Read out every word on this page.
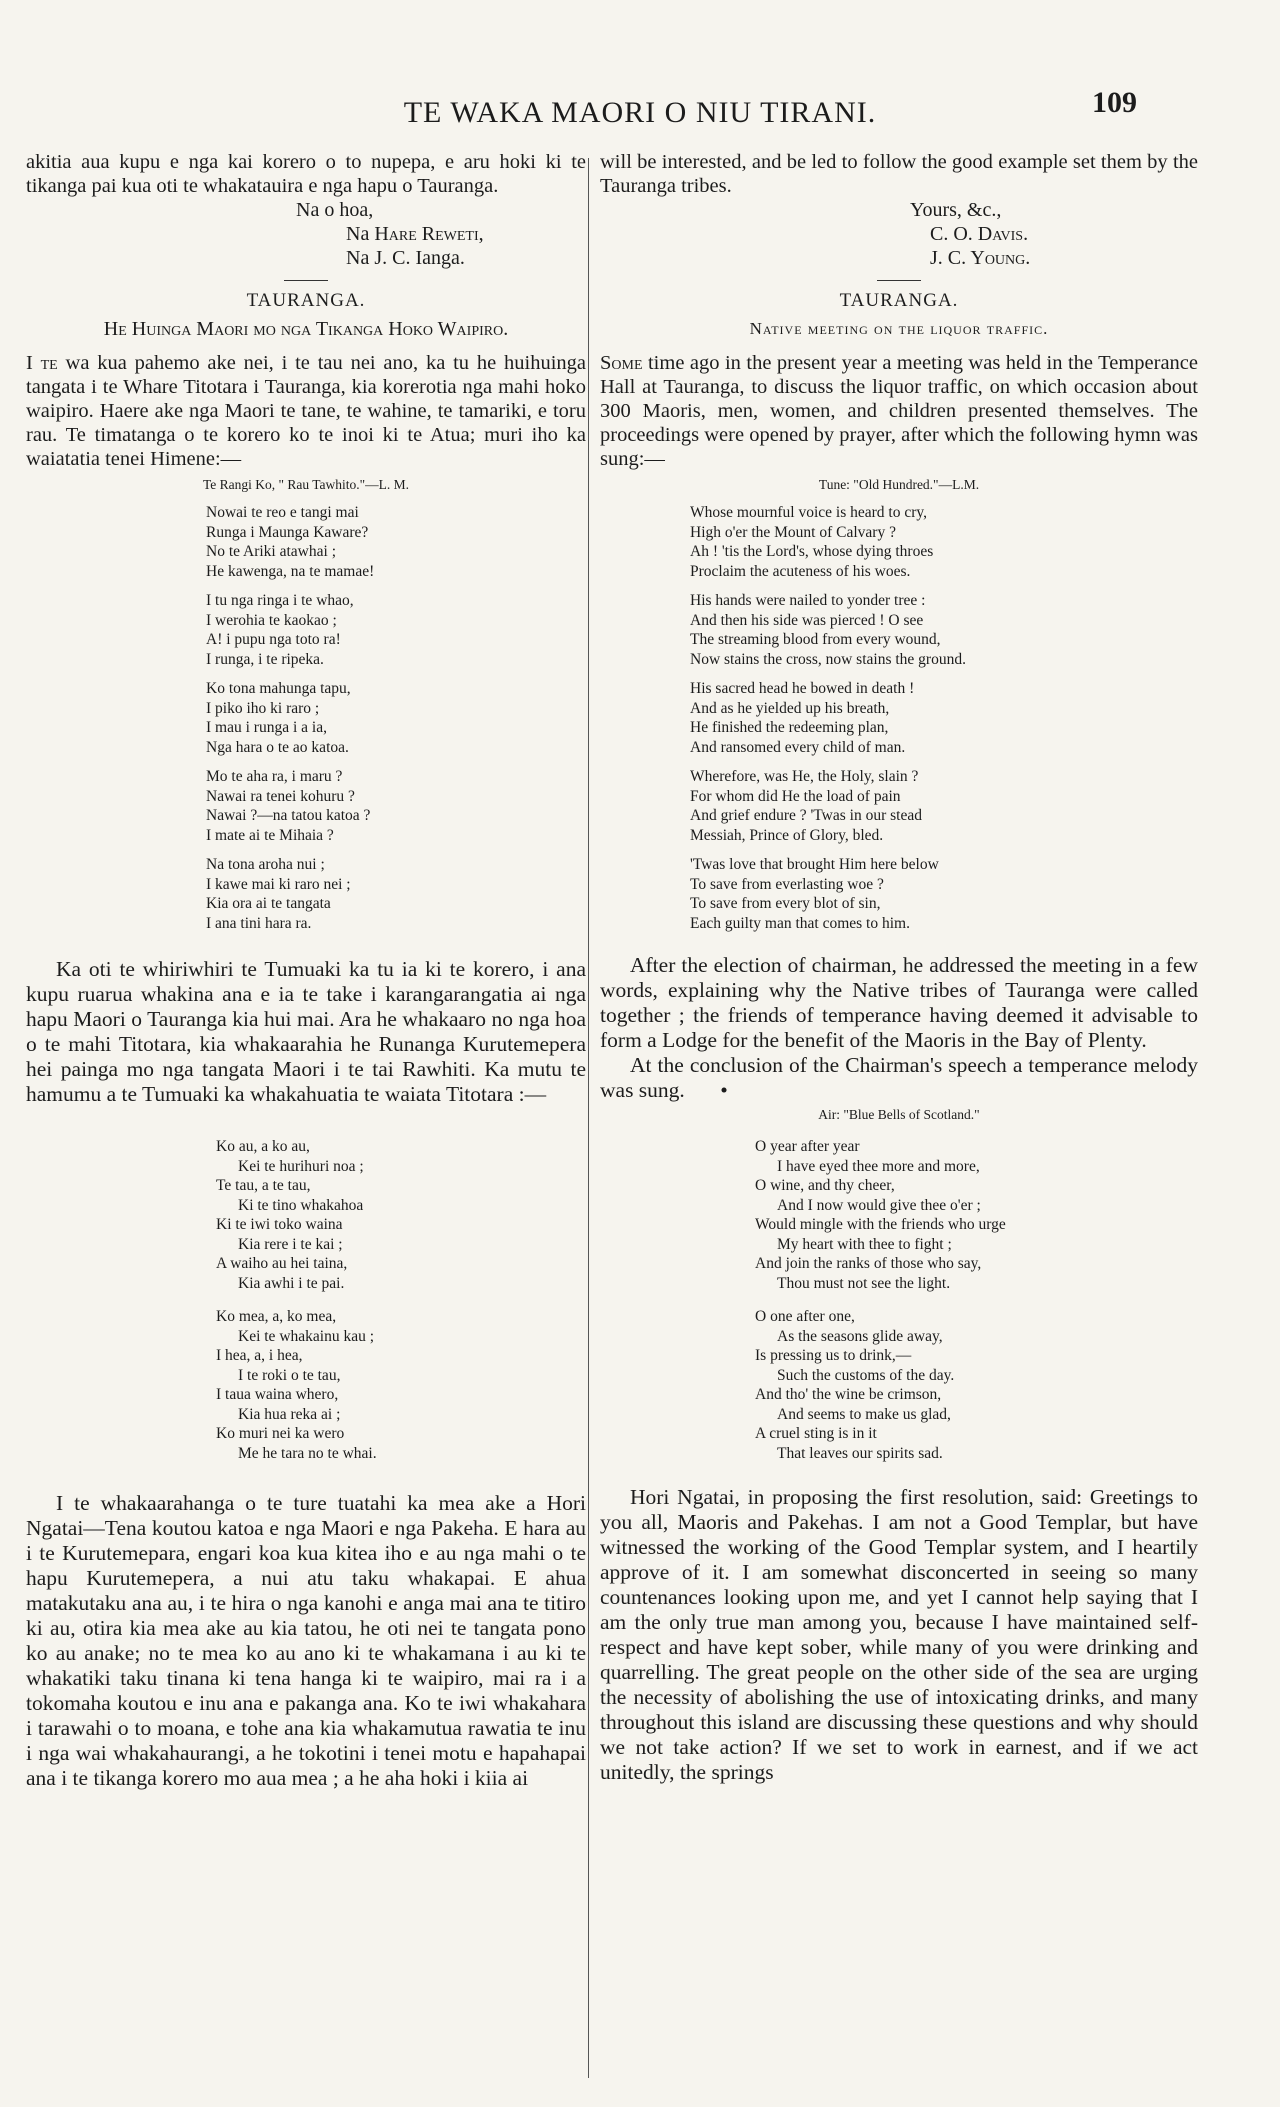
TE WAKA MAORI O NIU TIRANI.	109

akitia aua kupu e nga kai korero o to nupepa, e aru hoki ki te tikanga pai kua oti te whakatauira e nga hapu o Tauranga.

Na o hoa,
Na Hare Reweti,
Na J. C. Ianga.
TAURANGA.
He Huinga Maori mo nga Tikanga Hoko Waipiro.

I te wa kua pahemo ake nei, i te tau nei ano, ka tu he huihuinga tangata i te Whare Titotara i Tauranga, kia korerotia nga mahi hoko waipiro. Haere ake nga Maori te tane, te wahine, te tamariki, e toru rau. Te timatanga o te korero ko te inoi ki te Atua; muri iho ka waiatatia tenei Himene:—

Te Rangi Ko, " Rau Tawhito."—L. M.
Nowai te reo e tangi mai
Runga i Maunga Kaware?
No te Ariki atawhai ;
He kawenga, na te mamae!
I tu nga ringa i te whao,
I werohia te kaokao ;
A! i pupu nga toto ra!
I runga, i te ripeka.
Ko tona mahunga tapu,
I piko iho ki raro ;
I mau i runga i a ia,
Nga hara o te ao katoa.
Mo te aha ra, i maru ?
Nawai ra tenei kohuru ?
Nawai ?—na tatou katoa ?
I mate ai te Mihaia ?
Na tona aroha nui ;
I kawe mai ki raro nei ;
Kia ora ai te tangata
I ana tini hara ra.

Ka oti te whiriwhiri te Tumuaki ka tu ia ki te korero, i ana kupu ruarua whakina ana e ia te take i karangarangatia ai nga hapu Maori o Tauranga kia hui mai. Ara he whakaaro no nga hoa o te mahi Titotara, kia whakaarahia he Runanga Kurutemepera hei painga mo nga tangata Maori i te tai Rawhiti. Ka mutu te hamumu a te Tumuaki ka whakahuatia te waiata Titotara :—

Ko au, a ko au,
Kei te hurihuri noa ;
Te tau, a te tau,
Ki te tino whakahoa
Ki te iwi toko waina
Kia rere i te kai ;
A waiho au hei taina,
Kia awhi i te pai.
Ko mea, a, ko mea,
Kei te whakainu kau ;
I hea, a, i hea,
I te roki o te tau,
I taua waina whero,
Kia hua reka ai ;
Ko muri nei ka wero
Me he tara no te whai.

I te whakaarahanga o te ture tuatahi ka mea ake a Hori Ngatai—Tena koutou katoa e nga Maori e nga Pakeha. E hara au i te Kurutemepara, engari koa kua kitea iho e au nga mahi o te hapu Kurutemepera, a nui atu taku whakapai. E ahua matakutaku ana au, i te hira o nga kanohi e anga mai ana te titiro ki au, otira kia mea ake au kia tatou, he oti nei te tangata pono ko au anake; no te mea ko au ano ki te whakamana i au ki te whakatiki taku tinana ki tena hanga ki te waipiro, mai ra i a tokomaha koutou e inu ana e pakanga ana. Ko te iwi whakahara i tarawahi o to moana, e tohe ana kia whakamutua rawatia te inu i nga wai whakahaurangi, a he tokotini i tenei motu e hapahapai ana i te tikanga korero mo aua mea ; a he aha hoki i kiia ai

will be interested, and be led to follow the good example set them by the Tauranga tribes.

Yours, &c.,
C. O. Davis.
J. C. Young.
TAURANGA.
Native meeting on the liquor traffic.

Some time ago in the present year a meeting was held in the Temperance Hall at Tauranga, to discuss the liquor traffic, on which occasion about 300 Maoris, men, women, and children presented themselves. The proceedings were opened by prayer, after which the following hymn was sung:—

Tune: "Old Hundred."—L.M.
Whose mournful voice is heard to cry,
High o'er the Mount of Calvary ?
Ah ! 'tis the Lord's, whose dying throes
Proclaim the acuteness of his woes.
His hands were nailed to yonder tree :
And then his side was pierced ! O see
The streaming blood from every wound,
Now stains the cross, now stains the ground.
His sacred head he bowed in death !
And as he yielded up his breath,
He finished the redeeming plan,
And ransomed every child of man.
Wherefore, was He, the Holy, slain ?
For whom did He the load of pain
And grief endure ? 'Twas in our stead
Messiah, Prince of Glory, bled.
'Twas love that brought Him here below
To save from everlasting woe ?
To save from every blot of sin,
Each guilty man that comes to him.

After the election of chairman, he addressed the meeting in a few words, explaining why the Native tribes of Tauranga were called together ; the friends of temperance having deemed it advisable to form a Lodge for the benefit of the Maoris in the Bay of Plenty.

At the conclusion of the Chairman's speech a temperance melody was sung. •

Air: "Blue Bells of Scotland."
O year after year
I have eyed thee more and more,
O wine, and thy cheer,
And I now would give thee o'er ;
Would mingle with the friends who urge
My heart with thee to fight ;
And join the ranks of those who say,
Thou must not see the light.
O one after one,
As the seasons glide away,
Is pressing us to drink,—
Such the customs of the day.
And tho' the wine be crimson,
And seems to make us glad,
A cruel sting is in it
That leaves our spirits sad.

Hori Ngatai, in proposing the first resolution, said: Greetings to you all, Maoris and Pakehas. I am not a Good Templar, but have witnessed the working of the Good Templar system, and I heartily approve of it. I am somewhat disconcerted in seeing so many countenances looking upon me, and yet I cannot help saying that I am the only true man among you, because I have maintained self-respect and have kept sober, while many of you were drinking and quarrelling. The great people on the other side of the sea are urging the necessity of abolishing the use of intoxicating drinks, and many throughout this island are discussing these questions and why should we not take action? If we set to work in earnest, and if we act unitedly, the springs
